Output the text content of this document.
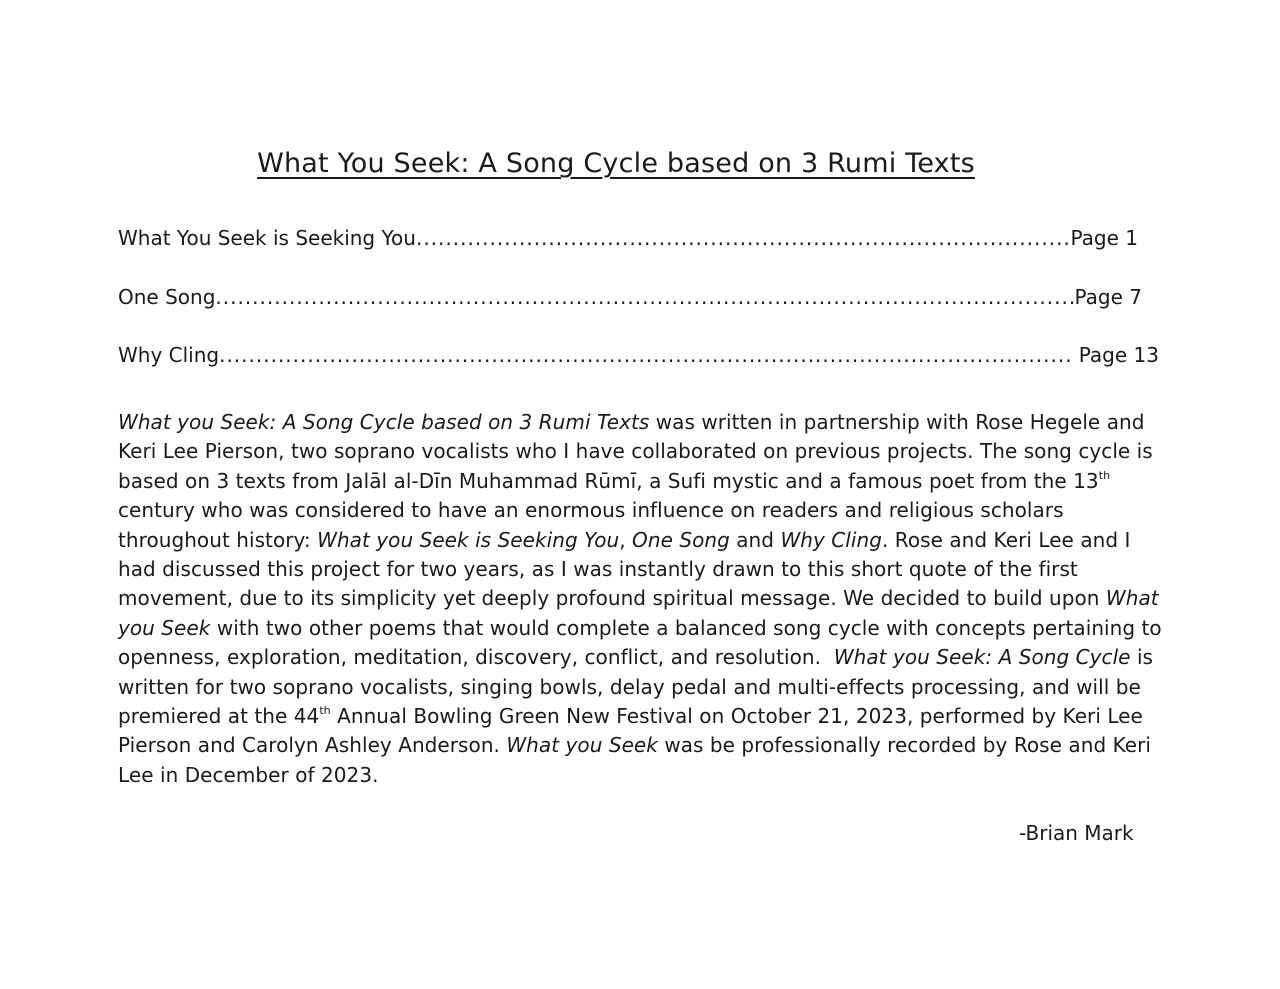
What You Seek: A Song Cycle based on 3 Rumi Texts
What You Seek is Seeking You .....	Page 1
One Song .....	Page 7
Why Cling .....	Page 13

What you Seek: A Song Cycle based on 3 Rumi Texts was written in partnership with Rose Hegele and Keri Lee Pierson, two soprano vocalists who I have collaborated on previous projects. The song cycle is based on 3 texts from Jalāl al-Dīn Muhammad Rūmī, a Sufi mystic and a famous poet from the 13th century who was considered to have an enormous influence on readers and religious scholars throughout history: What you Seek is Seeking You, One Song and Why Cling. Rose and Keri Lee and I had discussed this project for two years, as I was instantly drawn to this short quote of the first movement, due to its simplicity yet deeply profound spiritual message. We decided to build upon What you Seek with two other poems that would complete a balanced song cycle with concepts pertaining to openness, exploration, meditation, discovery, conflict, and resolution.  What you Seek: A Song Cycle is written for two soprano vocalists, singing bowls, delay pedal and multi-effects processing, and will be premiered at the 44th Annual Bowling Green New Festival on October 21, 2023, performed by Keri Lee Pierson and Carolyn Ashley Anderson. What you Seek was be professionally recorded by Rose and Keri Lee in December of 2023.

-Brian Mark
